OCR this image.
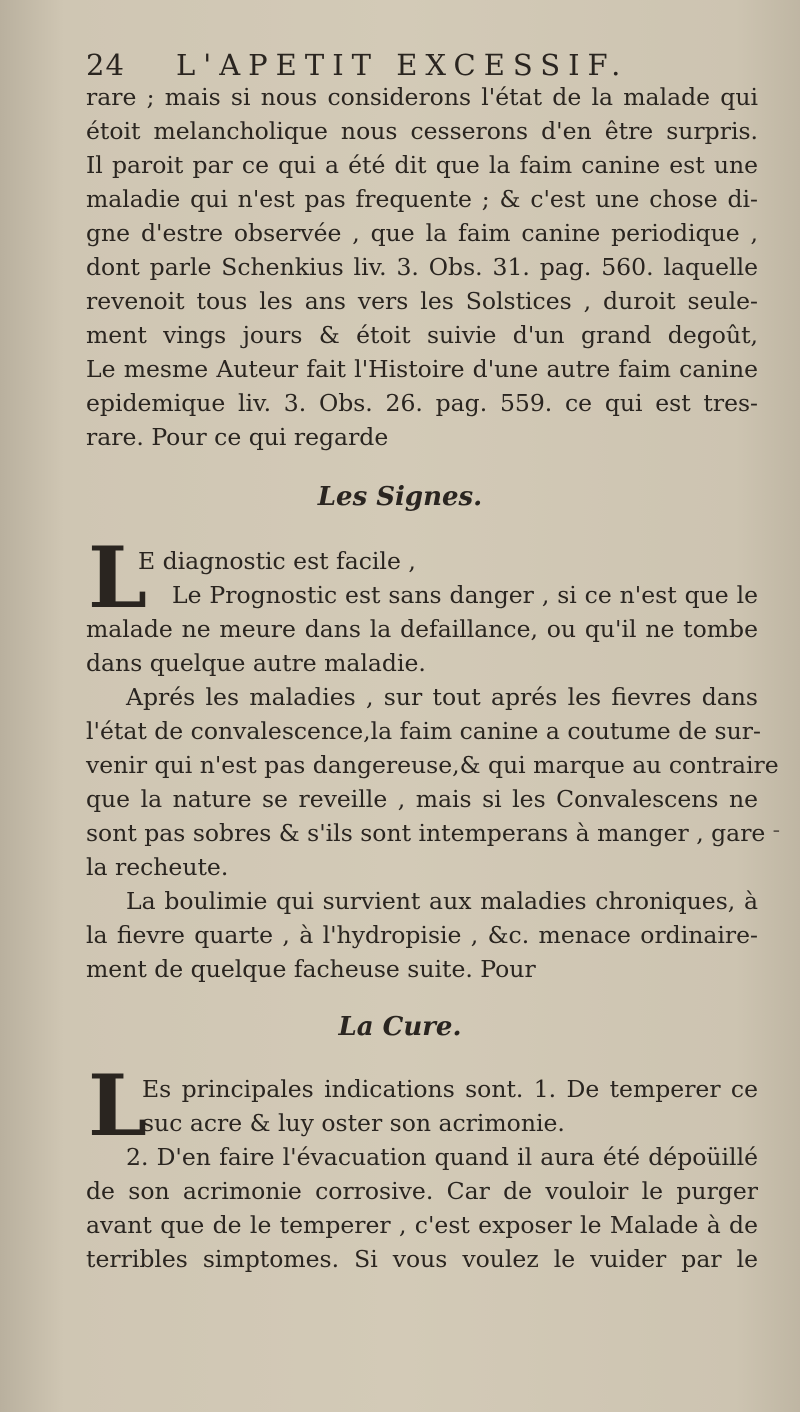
24 L'APETIT EXCESSIF.
rare ; mais si nous considerons l'état de la malade qui
étoit melancholique nous cesserons d'en être surpris.
Il paroit par ce qui a été dit que la faim canine est une
maladie qui n'est pas frequente ; & c'est une chose di-
gne d'estre observée , que la faim canine periodique ,
dont parle Schenkius liv. 3. Obs. 31. pag. 560. laquelle
revenoit tous les ans vers les Solstices , duroit seule-
ment vings jours & étoit suivie d'un grand degoût,
Le mesme Auteur fait l'Histoire d'une autre faim canine
epidemique liv. 3. Obs. 26. pag. 559. ce qui est tres-
rare. Pour ce qui regarde
Les Signes.
L
E diagnostic est facile ,
Le Prognostic est sans danger , si ce n'est que le
malade ne meure dans la defaillance, ou qu'il ne tombe
dans quelque autre maladie.
Aprés les maladies , sur tout aprés les fievres dans
l'état de convalescence,la faim canine a coutume de sur-
venir qui n'est pas dangereuse,& qui marque au contraire
que la nature se reveille , mais si les Convalescens ne
sont pas sobres & s'ils sont intemperans à manger , gare
la recheute.
La boulimie qui survient aux maladies chroniques, à
la fievre quarte , à l'hydropisie , &c. menace ordinaire-
ment de quelque facheuse suite. Pour
La Cure.
L
Es principales indications sont. 1. De temperer ce
suc acre & luy oster son acrimonie.
2. D'en faire l'évacuation quand il aura été dépoüillé
de son acrimonie corrosive. Car de vouloir le purger
avant que de le temperer , c'est exposer le Malade à de
terribles simptomes. Si vous voulez le vuider par le
-
